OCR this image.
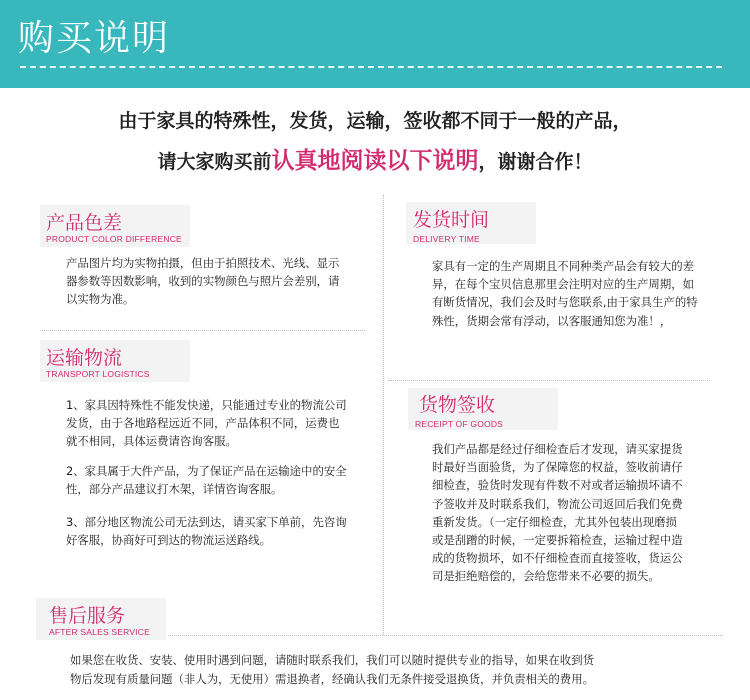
购买说明
由于家具的特殊性，发货，运输，签收都不同于一般的产品，
请大家购买前认真地阅读以下说明，谢谢合作！
产品色差
PRODUCT COLOR DIFFERENCE
产品图片均为实物拍摄，但由于拍照技术、光线、显示器参数等因数影响，收到的实物颜色与照片会差别，请以实物为准。
发货时间
DELIVERY TIME
家具有一定的生产周期且不同种类产品会有较大的差异，在每个宝贝信息那里会注明对应的生产周期，如有断货情况，我们会及时与您联系,由于家具生产的特殊性，货期会常有浮动，以客服通知您为准！，
运输物流
TRANSPORT LOGISTICS
1、家具因特殊性不能发快递，只能通过专业的物流公司发货，由于各地路程远近不同，产品体积不同，运费也就不相同，具体运费请咨询客服。
2、家具属于大件产品，为了保证产品在运输途中的安全性，部分产品建议打木架，详情咨询客服。
3、部分地区物流公司无法到达，请买家下单前，先咨询好客服，协商好可到达的物流运送路线。
货物签收
RECEIPT OF GOODS
我们产品都是经过仔细检查后才发现，请买家提货时最好当面验货，为了保障您的权益，签收前请仔细检查，验货时发现有件数不对或者运输损坏请不予签收并及时联系我们，物流公司返回后我们免费重新发货。（一定仔细检查，尤其外包装出现磨损或是刮蹭的时候，一定要拆箱检查，运输过程中造成的货物损坏，如不仔细检查而直接签收，货运公司是拒绝赔偿的，会给您带来不必要的损失。
售后服务
AFTER SALES SERVICE
如果您在收货、安装、使用时遇到问题，请随时联系我们，我们可以随时提供专业的指导，如果在收到货
物后发现有质量问题（非人为，无使用）需退换者，经确认我们无条件接受退换货，并负责相关的费用。
